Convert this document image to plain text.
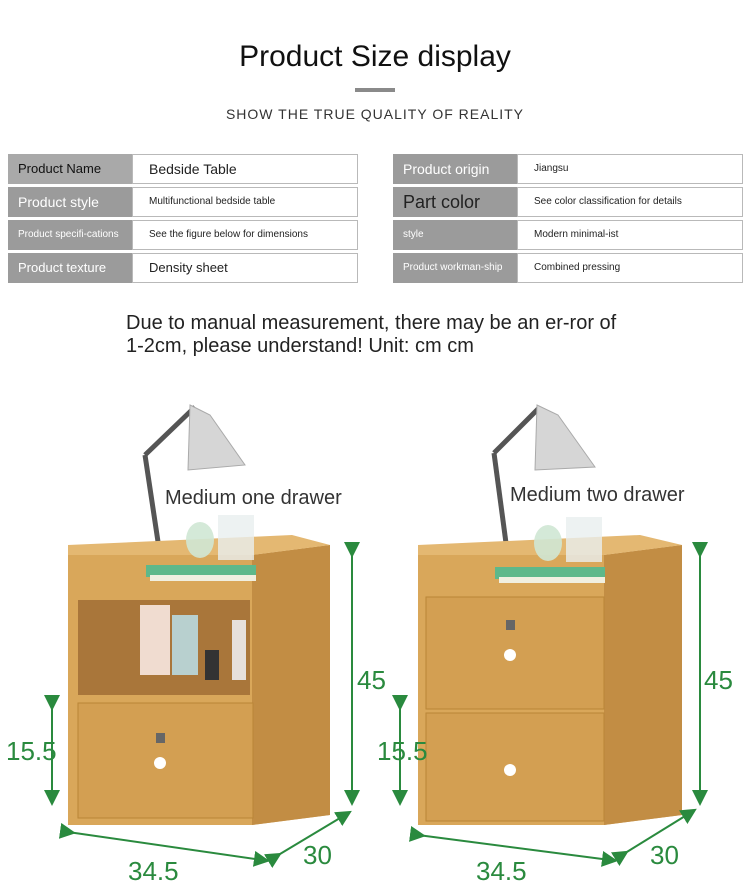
Product Size display
SHOW THE TRUE QUALITY OF REALITY
Product Name	Bedside Table
Product style	Multifunctional bedside table
Product specifi-cations	See the figure below for dimensions
Product texture	Density sheet
Product origin	Jiangsu
Part color	See color classification for details
style	Modern minimal-ist
Product workman-ship	Combined pressing
Due to manual measurement, there may be an er-ror of 1-2cm, please understand! Unit: cm cm
Medium one drawer	Medium two drawer
45
15.5
34.5
30
45
15.5
34.5
30
